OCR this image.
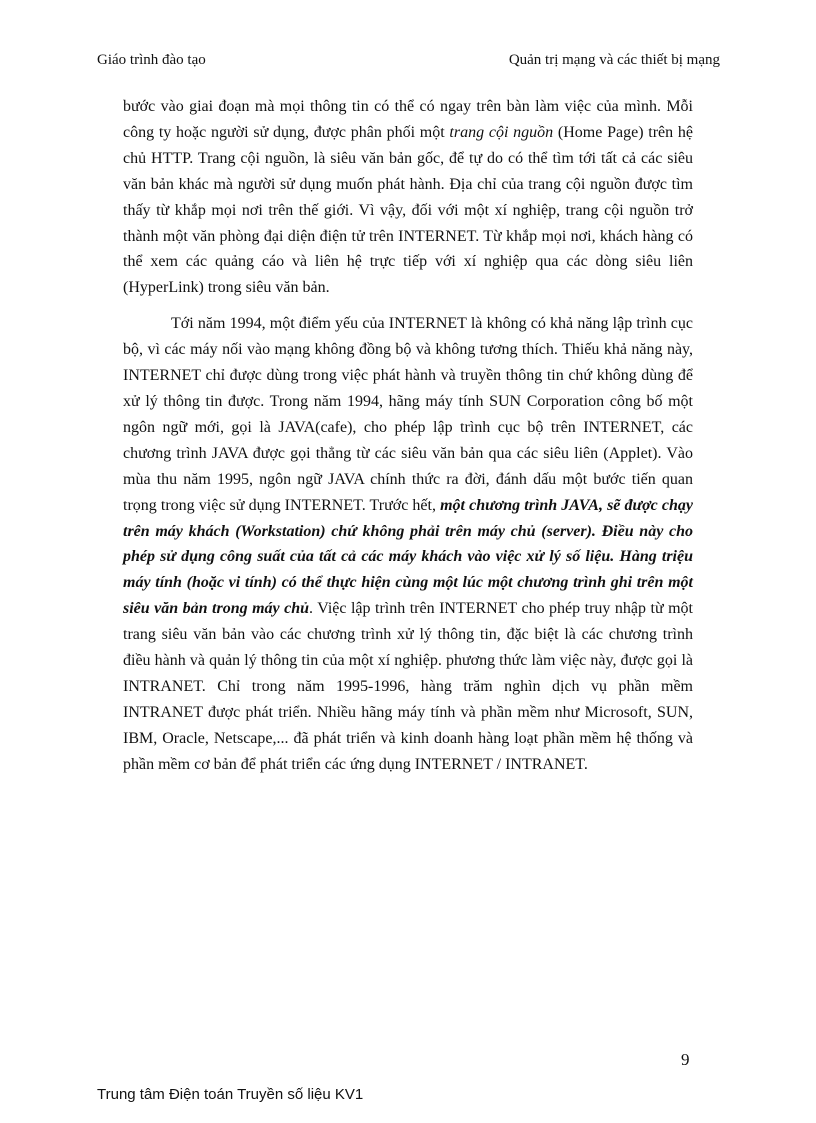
Giáo trình đào tạo	Quản trị mạng và các thiết bị mạng

bước vào giai đoạn mà mọi thông tin có thể có ngay trên bàn làm việc của mình. Mỗi công ty hoặc người sử dụng, được phân phối một trang cội nguồn (Home Page) trên hệ chủ HTTP. Trang cội nguồn, là siêu văn bản gốc, để tự do có thể tìm tới tất cả các siêu văn bản khác mà người sử dụng muốn phát hành. Địa chỉ của trang cội nguồn được tìm thấy từ khắp mọi nơi trên thế giới. Vì vậy, đối với một xí nghiệp, trang cội nguồn trở thành một văn phòng đại diện điện tử trên INTERNET. Từ khắp mọi nơi, khách hàng có thể xem các quảng cáo và liên hệ trực tiếp với xí nghiệp qua các dòng siêu liên (HyperLink) trong siêu văn bản.

Tới năm 1994, một điểm yếu của INTERNET là không có khả năng lập trình cục bộ, vì các máy nối vào mạng không đồng bộ và không tương thích. Thiếu khả năng này, INTERNET chỉ được dùng trong việc phát hành và truyền thông tin chứ không dùng để xử lý thông tin được. Trong năm 1994, hãng máy tính SUN Corporation công bố một ngôn ngữ mới, gọi là JAVA(cafe), cho phép lập trình cục bộ trên INTERNET, các chương trình JAVA được gọi thẳng từ các siêu văn bản qua các siêu liên (Applet). Vào mùa thu năm 1995, ngôn ngữ JAVA chính thức ra đời, đánh dấu một bước tiến quan trọng trong việc sử dụng INTERNET. Trước hết, một chương trình JAVA, sẽ được chạy trên máy khách (Workstation) chứ không phải trên máy chủ (server). Điều này cho phép sử dụng công suất của tất cả các máy khách vào việc xử lý số liệu. Hàng triệu máy tính (hoặc vi tính) có thể thực hiện cùng một lúc một chương trình ghi trên một siêu văn bản trong máy chủ. Việc lập trình trên INTERNET cho phép truy nhập từ một trang siêu văn bản vào các chương trình xử lý thông tin, đặc biệt là các chương trình điều hành và quản lý thông tin của một xí nghiệp. phương thức làm việc này, được gọi là INTRANET. Chỉ trong năm 1995-1996, hàng trăm nghìn dịch vụ phần mềm INTRANET được phát triển. Nhiều hãng máy tính và phần mềm như Microsoft, SUN, IBM, Oracle, Netscape,... đã phát triển và kinh doanh hàng loạt phần mềm hệ thống và phần mềm cơ bản để phát triển các ứng dụng INTERNET / INTRANET.

9
Trung tâm Điện toán Truyền số liệu KV1
